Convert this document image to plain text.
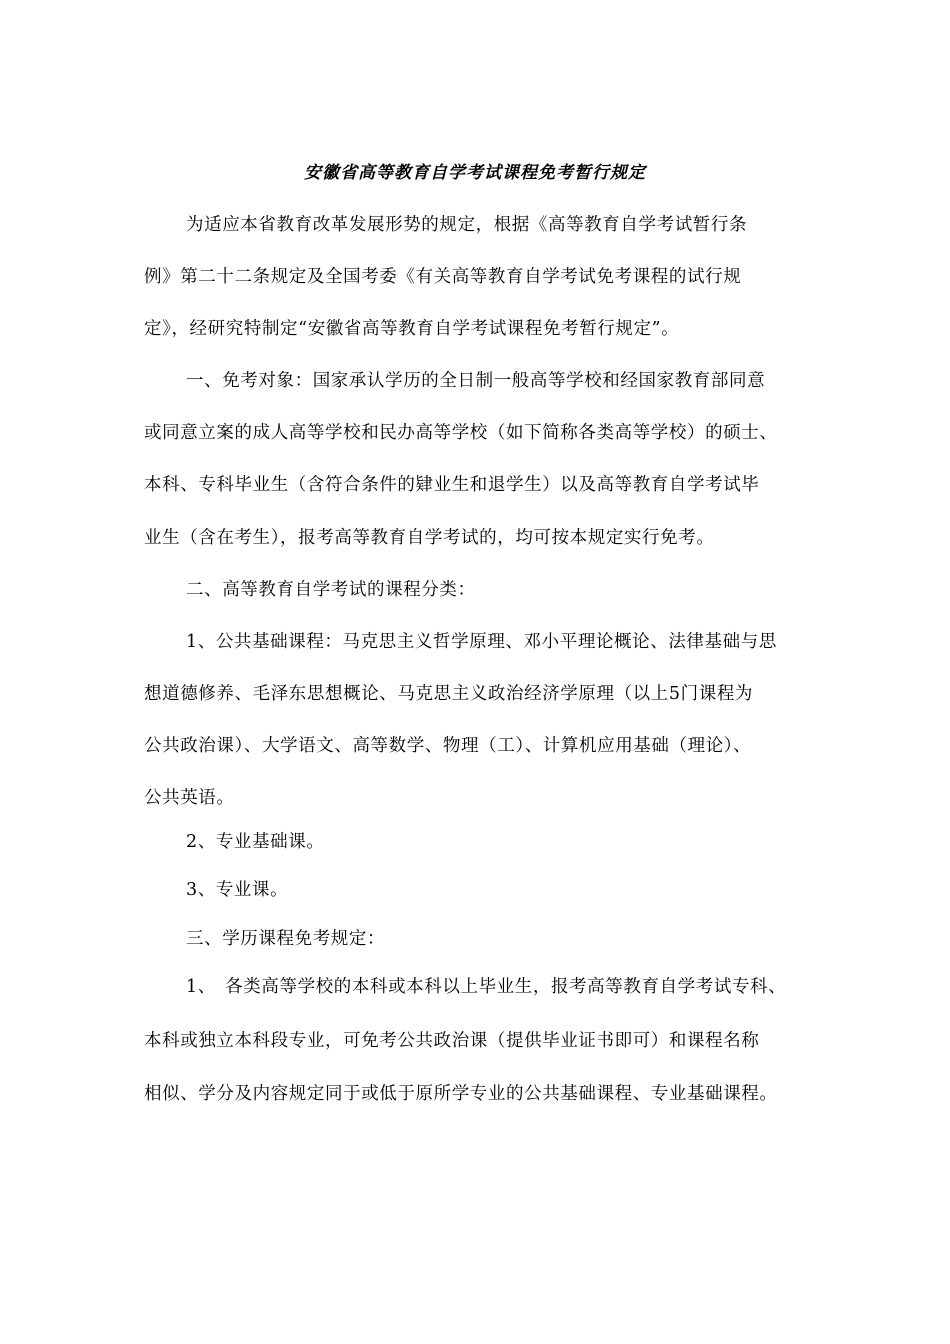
安徽省高等教育自学考试课程免考暂行规定
为适应本省教育改革发展形势的规定，根据《高等教育自学考试暂行条
例》第二十二条规定及全国考委《有关高等教育自学考试免考课程的试行规
定》，经研究特制定“安徽省高等教育自学考试课程免考暂行规定”。
一、免考对象：国家承认学历的全日制一般高等学校和经国家教育部同意
或同意立案的成人高等学校和民办高等学校（如下简称各类高等学校）的硕士、
本科、专科毕业生（含符合条件的肄业生和退学生）以及高等教育自学考试毕
业生（含在考生），报考高等教育自学考试的，均可按本规定实行免考。
二、高等教育自学考试的课程分类：
1、公共基础课程：马克思主义哲学原理、邓小平理论概论、法律基础与思
想道德修养、毛泽东思想概论、马克思主义政治经济学原理（以上5门课程为
公共政治课）、大学语文、高等数学、物理（工）、计算机应用基础（理论）、
公共英语。
2、专业基础课。
3、专业课。
三、学历课程免考规定：
1、　各类高等学校的本科或本科以上毕业生，报考高等教育自学考试专科、
本科或独立本科段专业，可免考公共政治课（提供毕业证书即可）和课程名称
相似、学分及内容规定同于或低于原所学专业的公共基础课程、专业基础课程。
